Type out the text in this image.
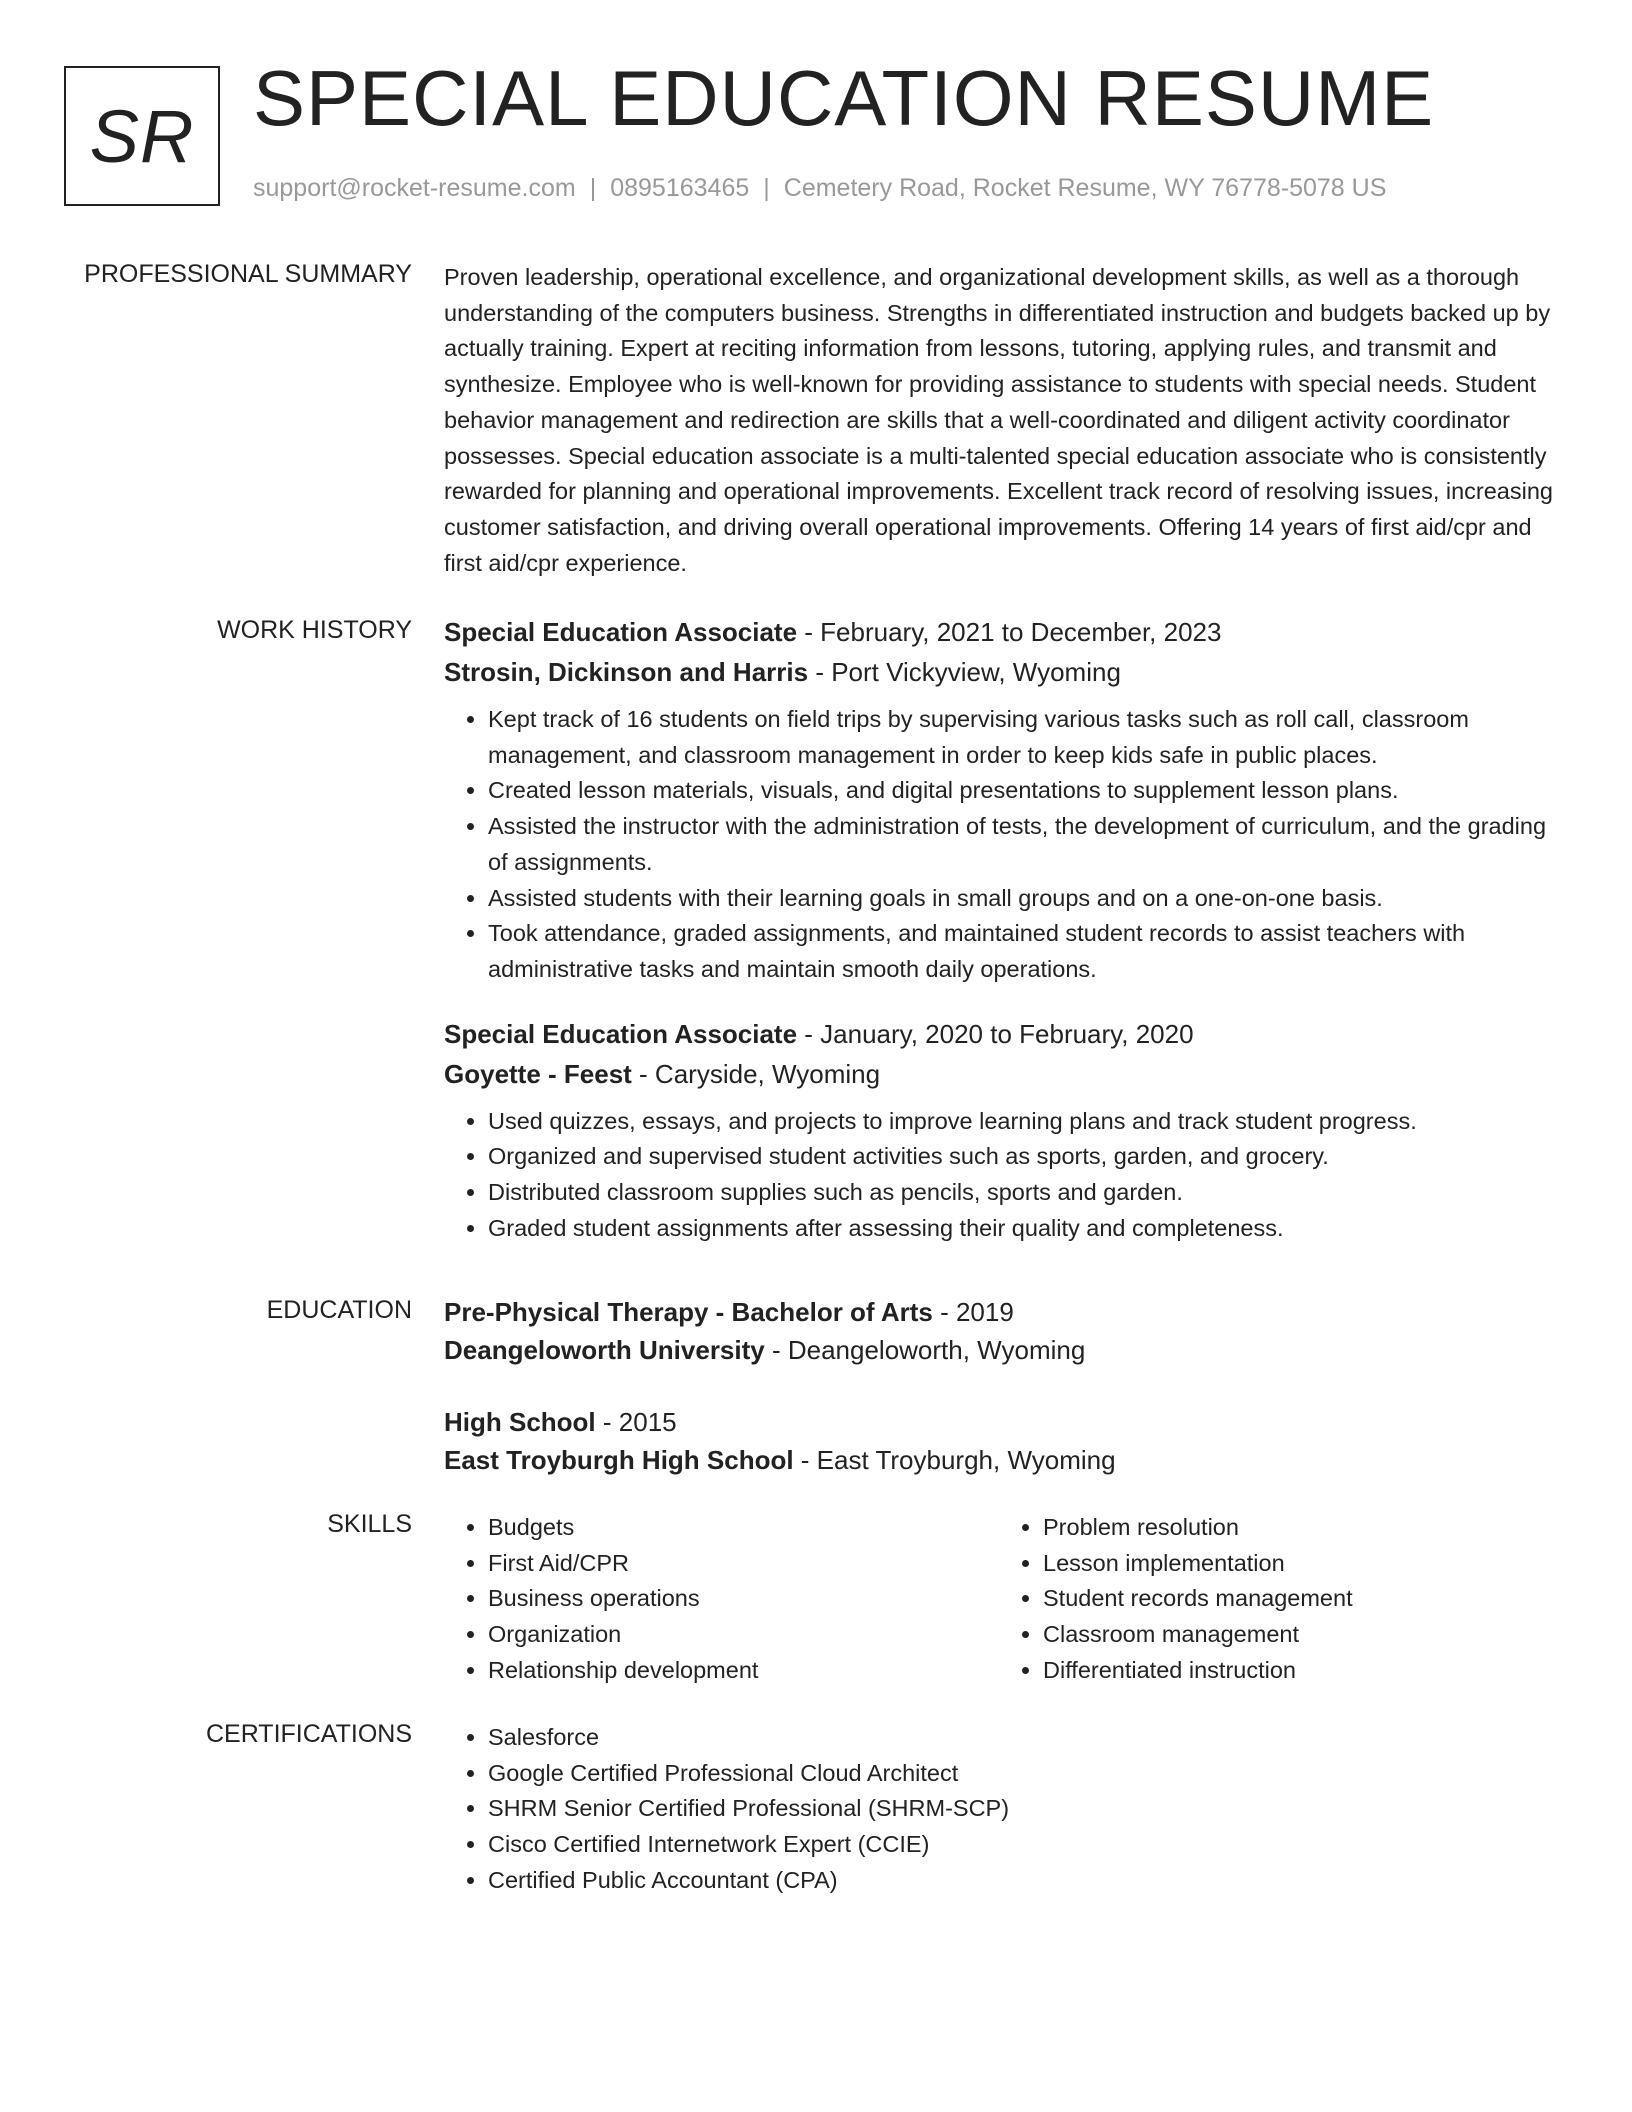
SR SPECIAL EDUCATION RESUME
support@rocket-resume.com | 0895163465 | Cemetery Road, Rocket Resume, WY 76778-5078 US
PROFESSIONAL SUMMARY Proven leadership, operational excellence, and organizational development skills, as well as a thorough understanding of the computers business. Strengths in differentiated instruction and budgets backed up by actually training. Expert at reciting information from lessons, tutoring, applying rules, and transmit and synthesize. Employee who is well-known for providing assistance to students with special needs. Student behavior management and redirection are skills that a well-coordinated and diligent activity coordinator possesses. Special education associate is a multi-talented special education associate who is consistently rewarded for planning and operational improvements. Excellent track record of resolving issues, increasing customer satisfaction, and driving overall operational improvements. Offering 14 years of first aid/cpr and first aid/cpr experience.

WORK HISTORY Special Education Associate - February, 2021 to December, 2023
Strosin, Dickinson and Harris - Port Vickyview, Wyoming
• Kept track of 16 students on field trips by supervising various tasks such as roll call, classroom management, and classroom management in order to keep kids safe in public places.
• Created lesson materials, visuals, and digital presentations to supplement lesson plans.
• Assisted the instructor with the administration of tests, the development of curriculum, and the grading of assignments.
• Assisted students with their learning goals in small groups and on a one-on-one basis.
• Took attendance, graded assignments, and maintained student records to assist teachers with administrative tasks and maintain smooth daily operations.
Special Education Associate - January, 2020 to February, 2020
Goyette - Feest - Caryside, Wyoming
• Used quizzes, essays, and projects to improve learning plans and track student progress.
• Organized and supervised student activities such as sports, garden, and grocery.
• Distributed classroom supplies such as pencils, sports and garden.
• Graded student assignments after assessing their quality and completeness.
EDUCATION Pre-Physical Therapy - Bachelor of Arts - 2019
Deangeloworth University - Deangeloworth, Wyoming
High School - 2015
East Troyburgh High School - East Troyburgh, Wyoming
SKILLS	• Budgets
• First Aid/CPR
• Business operations
• Organization
• Relationship development
• Problem resolution
• Lesson implementation
• Student records management
• Classroom management
• Differentiated instruction
CERTIFICATIONS	• Salesforce
• Google Certified Professional Cloud Architect
• SHRM Senior Certified Professional (SHRM-SCP)
• Cisco Certified Internetwork Expert (CCIE)
• Certified Public Accountant (CPA)
